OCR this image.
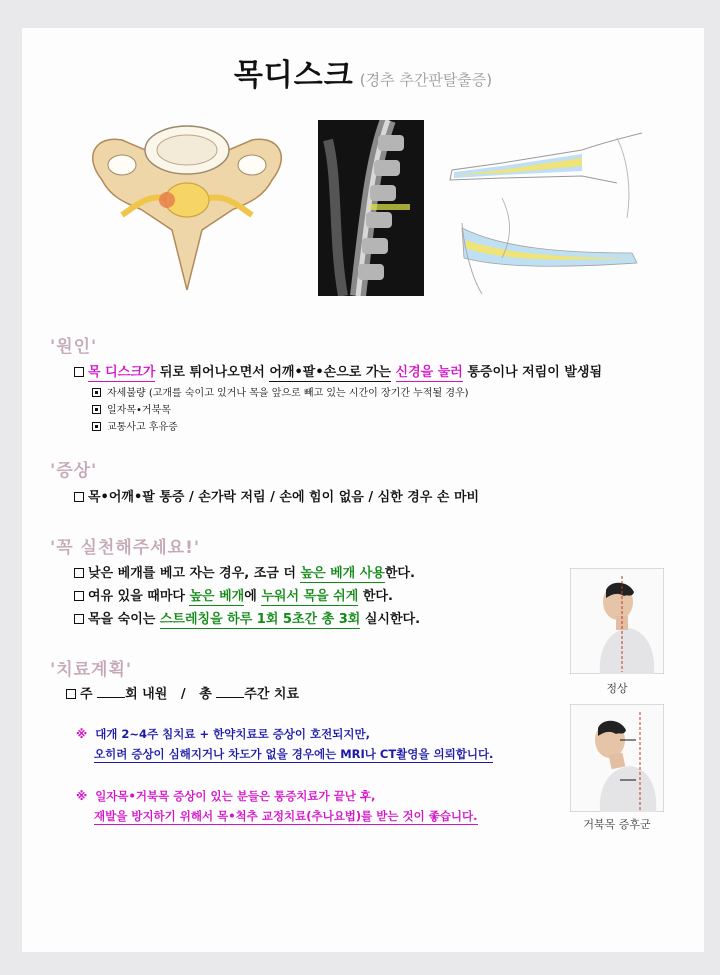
목디스크 (경추 추간판탈출증)
'원인'
목 디스크가 뒤로 튀어나오면서 어깨•팔•손으로 가는 신경을 눌러 통증이나 저림이 발생됨
자세불량 (고개를 숙이고 있거나 목을 앞으로 빼고 있는 시간이 장기간 누적될 경우)
일자목•거북목
교통사고 후유증
'증상'
목•어깨•팔 통증 / 손가락 저림 / 손에 힘이 없음 / 심한 경우 손 마비
'꼭 실천해주세요!'
낮은 베개를 베고 자는 경우, 조금 더 높은 베개 사용한다.
여유 있을 때마다 높은 베개에 누워서 목을 쉬게 한다.
목을 숙이는 스트레칭을 하루 1회 5초간 총 3회 실시한다.
'치료계획'
주 회 내원   /   총 주간 치료
※ 대개 2~4주 침치료 + 한약치료로 증상이 호전되지만,
오히려 증상이 심해지거나 차도가 없을 경우에는 MRI나 CT촬영을 의뢰합니다.
※ 일자목•거북목 증상이 있는 분들은 통증치료가 끝난 후,
재발을 방지하기 위해서 목•척추 교정치료(추나요법)를 받는 것이 좋습니다.
정상
거북목 증후군
